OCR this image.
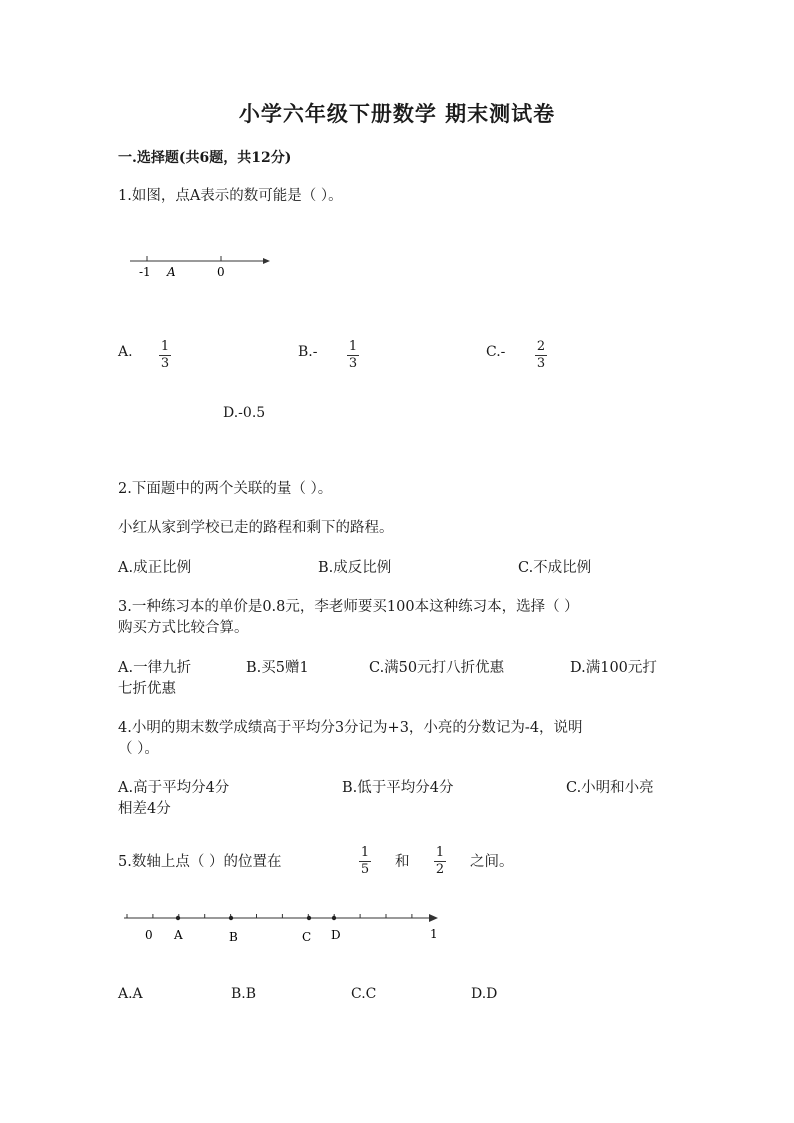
小学六年级下册数学 期末测试卷
一.选择题(共6题，共12分)
1.如图，点A表示的数可能是（ ）。
-1 A	0
A. 1
3
B.- 1
3
C.- 2
3
D.-0.5
2.下面题中的两个关联的量（ ）。
小红从家到学校已走的路程和剩下的路程。
A.成正比例	B.成反比例	C.不成比例
3.一种练习本的单价是0.8元，李老师要买100本这种练习本，选择（ ）
购买方式比较合算。
A.一律九折	B.买5赠1	C.满50元打八折优惠	D.满100元打
七折优惠
4.小明的期末数学成绩高于平均分3分记为+3，小亮的分数记为-4，说明
（ ）。
A.高于平均分4分	B.低于平均分4分	C.小明和小亮
相差4分
5.数轴上点（ ）的位置在
1
5 和
1
2 之间。
0 A	B	C D	1
A.A	B.B	C.C	D.D
